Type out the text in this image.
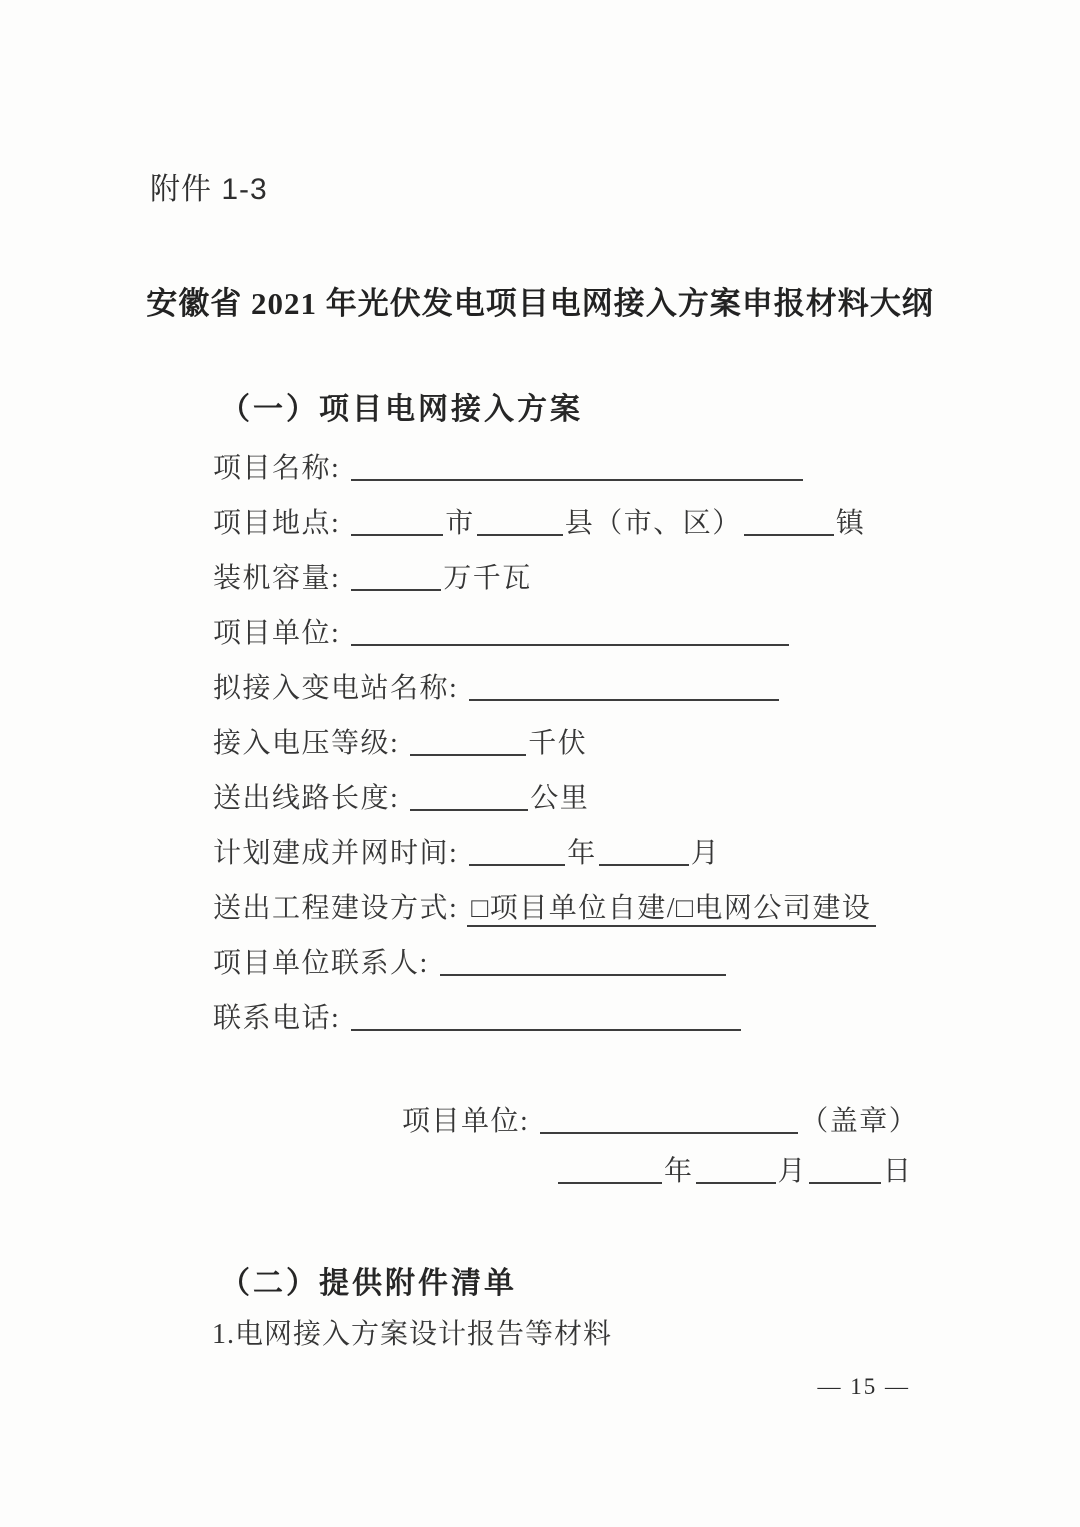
附件 1-3
安徽省 2021 年光伏发电项目电网接入方案申报材料大纲
（一）项目电网接入方案
项目名称:
项目地点:	市	县（市、区）	镇
装机容量:	万千瓦
项目单位:
拟接入变电站名称:
接入电压等级:	千伏
送出线路长度:	公里
计划建成并网时间:	年	月
送出工程建设方式: □项目单位自建/□电网公司建设
项目单位联系人:
联系电话:
项目单位:	（盖章）
年	月	日
（二）提供附件清单
1.电网接入方案设计报告等材料
— 15 —
